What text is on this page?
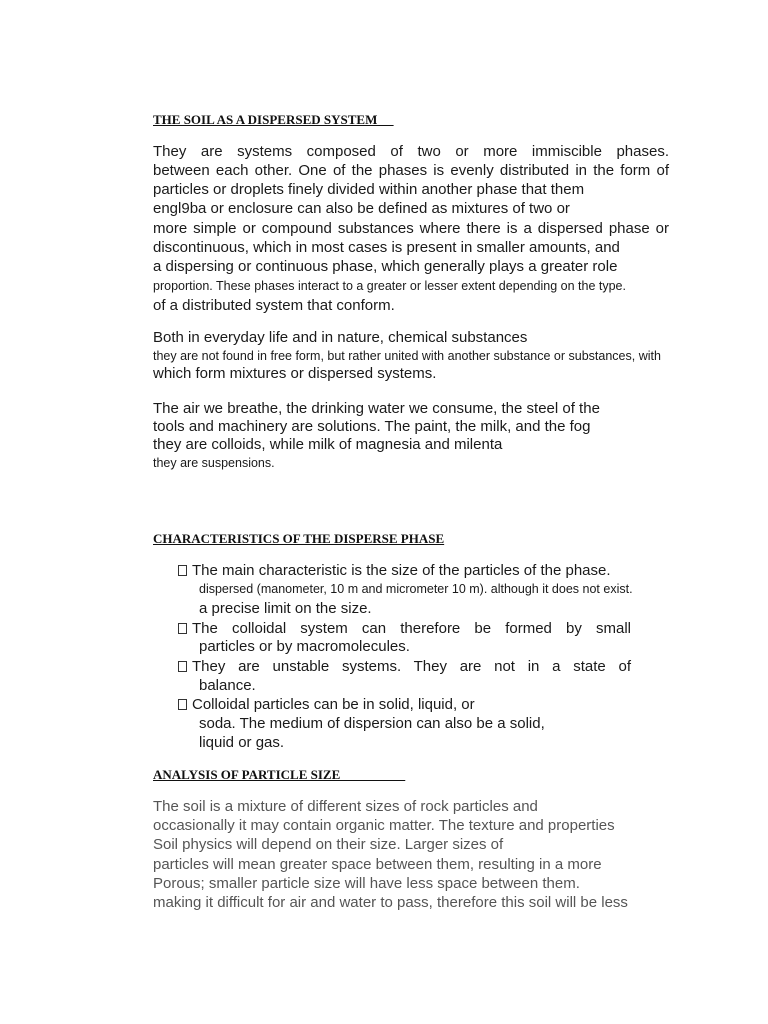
THE SOIL AS A DISPERSED SYSTEM
They are systems composed of two or more immiscible phases.
between each other. One of the phases is evenly distributed in the form of
particles or droplets finely divided within another phase that them
engl9ba or enclosure can also be defined as mixtures of two or
more simple or compound substances where there is a dispersed phase or
discontinuous, which in most cases is present in smaller amounts, and
a dispersing or continuous phase, which generally plays a greater role
proportion. These phases interact to a greater or lesser extent depending on the type.
of a distributed system that conform.
Both in everyday life and in nature, chemical substances
they are not found in free form, but rather united with another substance or substances, with
which form mixtures or dispersed systems.
The air we breathe, the drinking water we consume, the steel of the
tools and machinery are solutions. The paint, the milk, and the fog
they are colloids, while milk of magnesia and milenta
they are suspensions.
CHARACTERISTICS OF THE DISPERSE PHASE
The main characteristic is the size of the particles of the phase.
dispersed (manometer, 10 m and micrometer 10 m). although it does not exist.
a precise limit on the size.
The colloidal system can therefore be formed by small
particles or by macromolecules.
They are unstable systems. They are not in a state of
balance.
Colloidal particles can be in solid, liquid, or
soda. The medium of dispersion can also be a solid,
liquid or gas.
ANALYSIS OF PARTICLE SIZE
The soil is a mixture of different sizes of rock particles and
occasionally it may contain organic matter. The texture and properties
Soil physics will depend on their size. Larger sizes of
particles will mean greater space between them, resulting in a more
Porous; smaller particle size will have less space between them.
making it difficult for air and water to pass, therefore this soil will be less
